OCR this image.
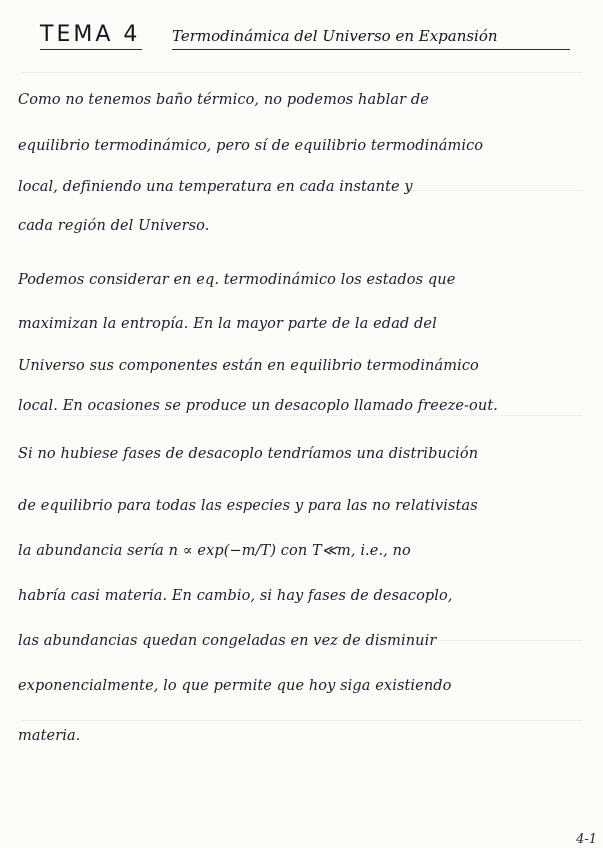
TEMA 4 Termodinámica del Universo en Expansión
Como no tenemos baño térmico, no podemos hablar de
equilibrio termodinámico, pero sí de equilibrio termodinámico
local, definiendo una temperatura en cada instante y
cada región del Universo.
Podemos considerar en eq. termodinámico los estados que
maximizan la entropía. En la mayor parte de la edad del
Universo sus componentes están en equilibrio termodinámico
local. En ocasiones se produce un desacoplo llamado freeze-out.
Si no hubiese fases de desacoplo tendríamos una distribución
de equilibrio para todas las especies y para las no relativistas
la abundancia sería n ∝ exp(−m/T) con T≪m, i.e., no
habría casi materia. En cambio, si hay fases de desacoplo,
las abundancias quedan congeladas en vez de disminuir
exponencialmente, lo que permite que hoy siga existiendo
materia.
4-1
